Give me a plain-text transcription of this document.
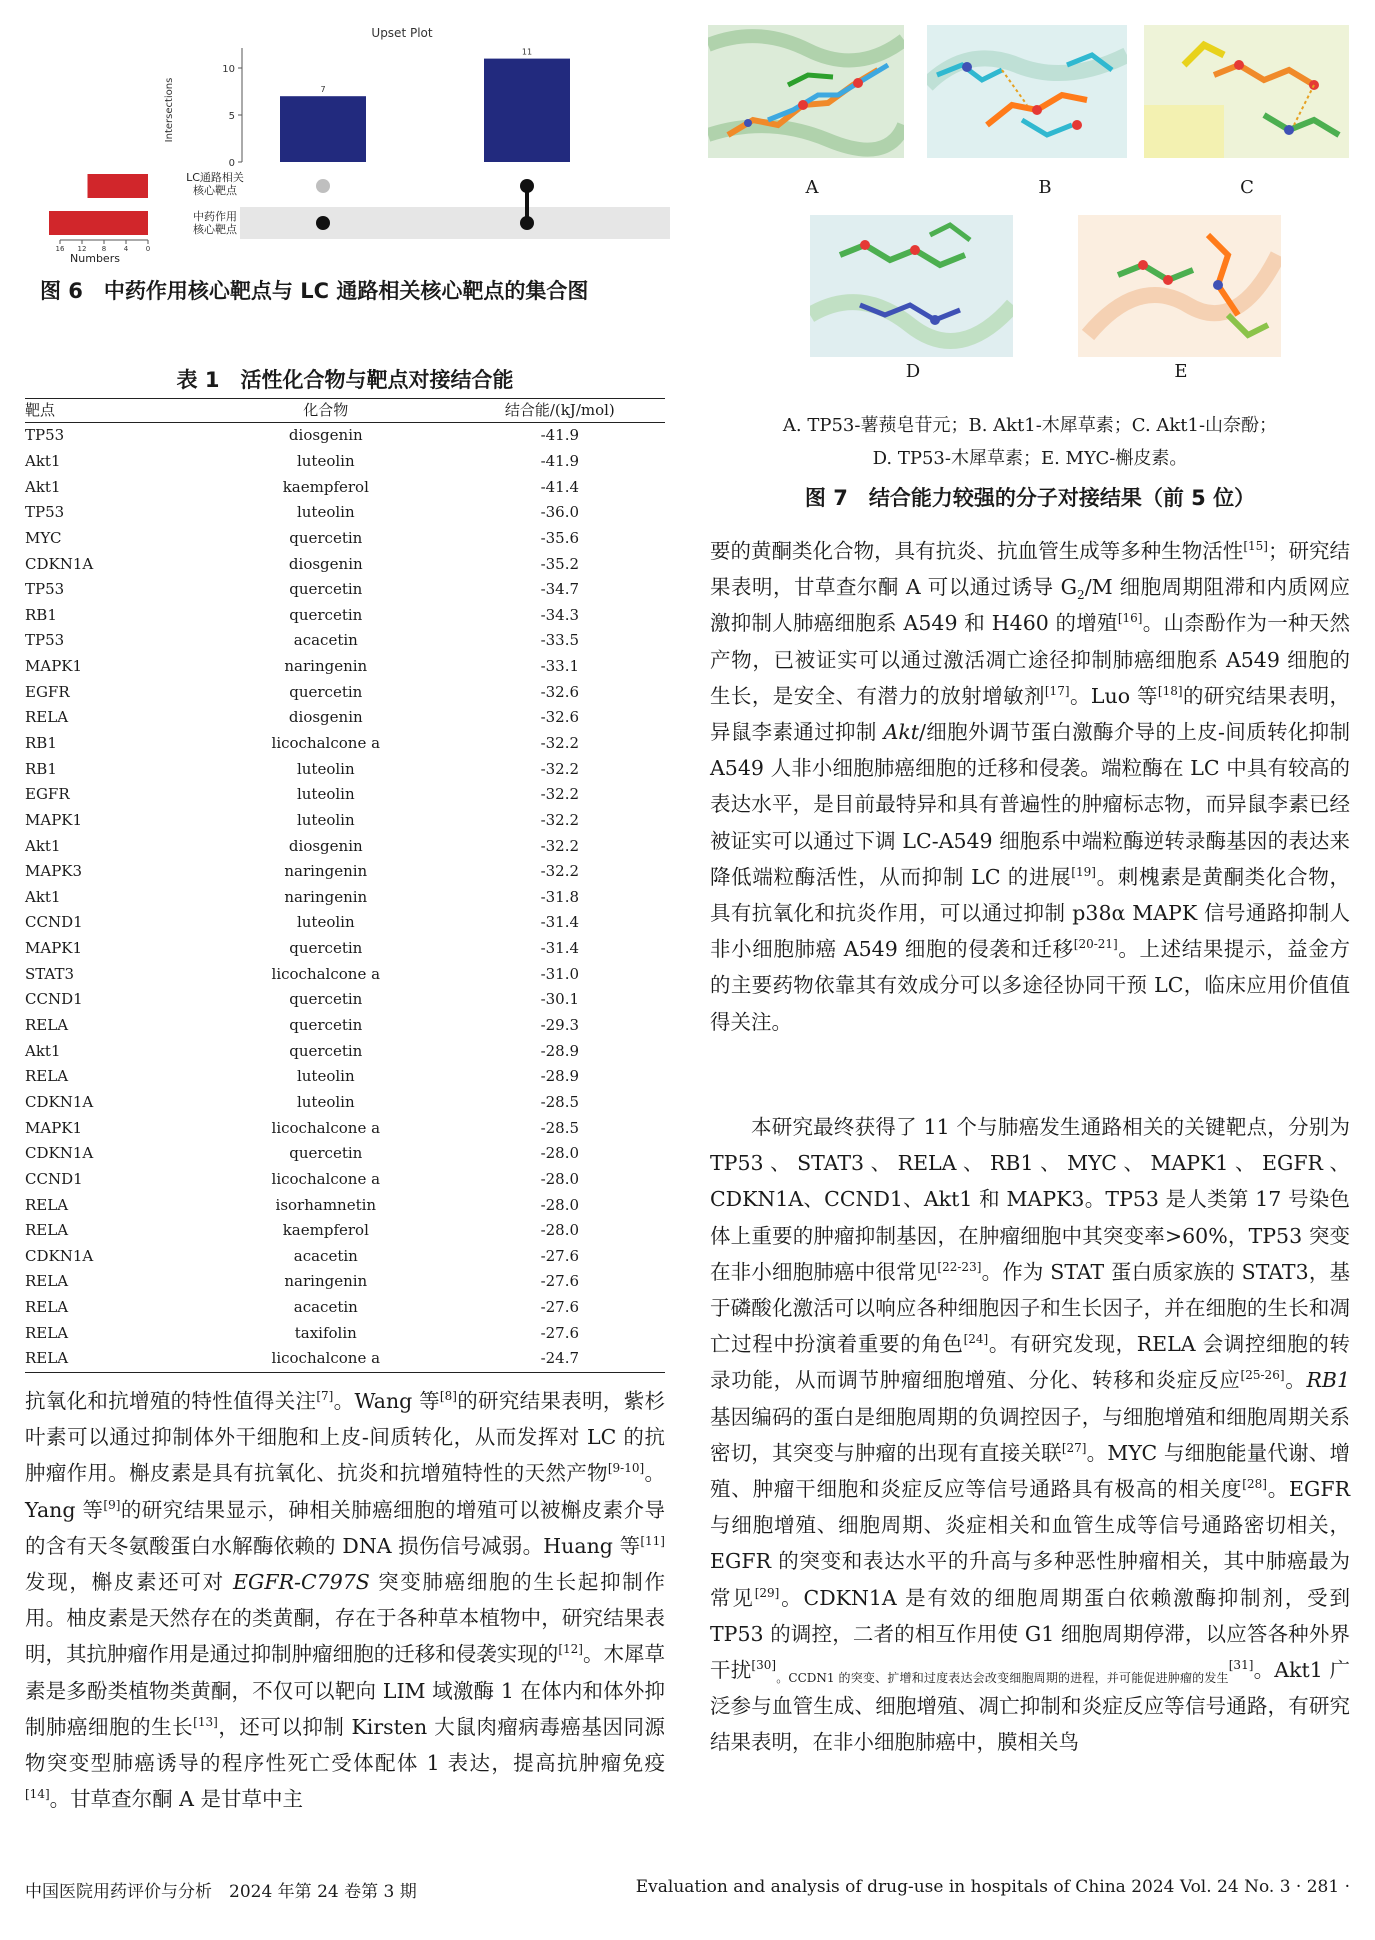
Upset Plot
Intersections
10
5
0
7
11
16 12 8	4	0
LC通路相关核心靶点
中药作用核心靶点
Numbers
图 6　中药作用核心靶点与 LC 通路相关核心靶点的集合图
表 1　活性化合物与靶点对接结合能
靶点	化合物	结合能/(kJ/mol)
TP53	diosgenin	-41.9
Akt1	luteolin	-41.9
Akt1	kaempferol	-41.4
TP53	luteolin	-36.0
MYC	quercetin	-35.6
CDKN1A	diosgenin	-35.2
TP53	quercetin	-34.7
RB1	quercetin	-34.3
TP53	acacetin	-33.5
MAPK1	naringenin	-33.1
EGFR	quercetin	-32.6
RELA	diosgenin	-32.6
RB1	licochalcone a	-32.2
RB1	luteolin	-32.2
EGFR	luteolin	-32.2
MAPK1	luteolin	-32.2
Akt1	diosgenin	-32.2
MAPK3	naringenin	-32.2
Akt1	naringenin	-31.8
CCND1	luteolin	-31.4
MAPK1	quercetin	-31.4
STAT3	licochalcone a	-31.0
CCND1	quercetin	-30.1
RELA	quercetin	-29.3
Akt1	quercetin	-28.9
RELA	luteolin	-28.9
CDKN1A	luteolin	-28.5
MAPK1	licochalcone a	-28.5
CDKN1A	quercetin	-28.0
CCND1	licochalcone a	-28.0
RELA	isorhamnetin	-28.0
RELA	kaempferol	-28.0
CDKN1A	acacetin	-27.6
RELA	naringenin	-27.6
RELA	acacetin	-27.6
RELA	taxifolin	-27.6
RELA	licochalcone a	-24.7
抗氧化和抗增殖的特性值得关注[7]。Wang 等[8]的研究结果表明，紫杉叶素可以通过抑制体外干细胞和上皮-间质转化，从而发挥对 LC 的抗肿瘤作用。槲皮素是具有抗氧化、抗炎和抗增殖特性的天然产物[9-10]。Yang 等[9]的研究结果显示，砷相关肺癌细胞的增殖可以被槲皮素介导的含有天冬氨酸蛋白水解酶依赖的 DNA 损伤信号减弱。Huang 等[11]发现，槲皮素还可对 EGFR-C797S 突变肺癌细胞的生长起抑制作用。柚皮素是天然存在的类黄酮，存在于各种草本植物中，研究结果表明，其抗肿瘤作用是通过抑制肿瘤细胞的迁移和侵袭实现的[12]。木犀草素是多酚类植物类黄酮，不仅可以靶向 LIM 域激酶 1 在体内和体外抑制肺癌细胞的生长[13]，还可以抑制 Kirsten 大鼠肉瘤病毒癌基因同源物突变型肺癌诱导的程序性死亡受体配体 1 表达，提高抗肿瘤免疫[14]。甘草查尔酮 A 是甘草中主
A	B	C
D	E
A. TP53-薯蓣皂苷元；B. Akt1-木犀草素；C. Akt1-山奈酚；
D. TP53-木犀草素；E. MYC-槲皮素。
图 7　结合能力较强的分子对接结果（前 5 位）
要的黄酮类化合物，具有抗炎、抗血管生成等多种生物活性[15]；研究结果表明，甘草查尔酮 A 可以通过诱导 $G_2/M$ 细胞周期阻滞和内质网应激抑制人肺癌细胞系 A549 和 H460 的增殖[16]。山柰酚作为一种天然产物，已被证实可以通过激活凋亡途径抑制肺癌细胞系 A549 细胞的生长，是安全、有潜力的放射增敏剂[17]。Luo 等[18]的研究结果表明，异鼠李素通过抑制 Akt/细胞外调节蛋白激酶介导的上皮-间质转化抑制 A549 人非小细胞肺癌细胞的迁移和侵袭。端粒酶在 LC 中具有较高的表达水平，是目前最特异和具有普遍性的肿瘤标志物，而异鼠李素已经被证实可以通过下调 LC-A549 细胞系中端粒酶逆转录酶基因的表达来降低端粒酶活性，从而抑制 LC 的进展[19]。刺槐素是黄酮类化合物，具有抗氧化和抗炎作用，可以通过抑制 p38α MAPK 信号通路抑制人非小细胞肺癌 A549 细胞的侵袭和迁移[20-21]。上述结果提示，益金方的主要药物依靠其有效成分可以多途径协同干预 LC，临床应用价值值得关注。
本研究最终获得了 11 个与肺癌发生通路相关的关键靶点，分别为 TP53、STAT3、RELA、RB1、MYC、MAPK1、EGFR、CDKN1A、CCND1、Akt1 和 MAPK3。TP53 是人类第 17 号染色体上重要的肿瘤抑制基因，在肿瘤细胞中其突变率>60%，TP53 突变在非小细胞肺癌中很常见[22-23]。作为 STAT 蛋白质家族的 STAT3，基于磷酸化激活可以响应各种细胞因子和生长因子，并在细胞的生长和凋亡过程中扮演着重要的角色[24]。有研究发现，RELA 会调控细胞的转录功能，从而调节肿瘤细胞增殖、分化、转移和炎症反应[25-26]。RB1 基因编码的蛋白是细胞周期的负调控因子，与细胞增殖和细胞周期关系密切，其突变与肿瘤的出现有直接关联[27]。MYC 与细胞能量代谢、增殖、肿瘤干细胞和炎症反应等信号通路具有极高的相关度[28]。EGFR 与细胞增殖、细胞周期、炎症相关和血管生成等信号通路密切相关，EGFR 的突变和表达水平的升高与多种恶性肿瘤相关，其中肺癌最为常见[29]。CDKN1A 是有效的细胞周期蛋白依赖激酶抑制剂，受到 TP53 的调控，二者的相互作用使 G1 细胞周期停滞，以应答各种外界干扰[30]$_{。CCDN1 的突变、扩增和过度表达会改变细胞周期的进程,并可能促进肿瘤的发生}$[31]。Akt1 广泛参与血管生成、细胞增殖、凋亡抑制和炎症反应等信号通路，有研究结果表明，在非小细胞肺癌中，膜相关鸟
中国医院用药评价与分析　2024 年第 24 卷第 3 期	Evaluation and analysis of drug-use in hospitals of China 2024 Vol. 24 No. 3 · 281 ·
